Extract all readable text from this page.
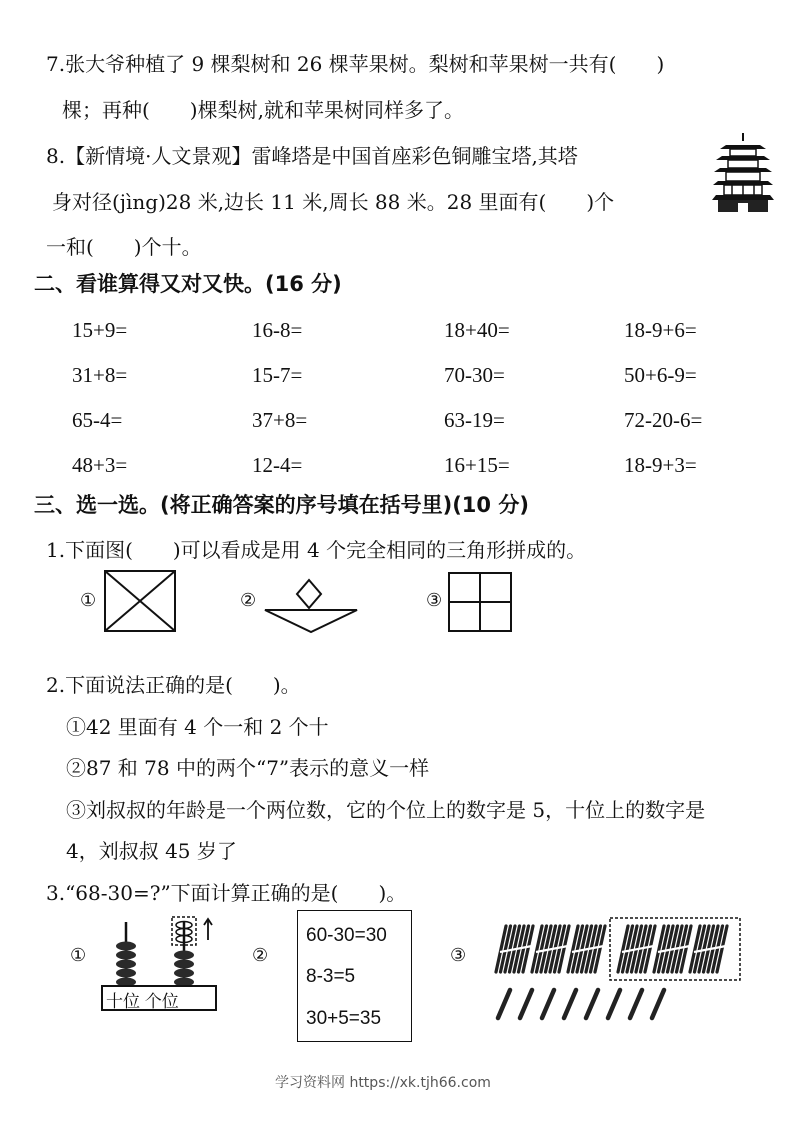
7.张大爷种植了 9 棵梨树和 26 棵苹果树。梨树和苹果树一共有(　　)
棵；再种(　　)棵梨树,就和苹果树同样多了。
8.【新情境·人文景观】雷峰塔是中国首座彩色铜雕宝塔,其塔
身对径(jìng)28 米,边长 11 米,周长 88 米。28 里面有(　　)个
一和(　　)个十。
二、看谁算得又对又快。(16 分)
15+9=	16-8=	18+40=	18-9+6=
31+8=	15-7=	70-30=	50+6-9=
65-4=	37+8=	63-19=	72-20-6=
48+3=	12-4=	16+15=	18-9+3=
三、选一选。(将正确答案的序号填在括号里)(10 分)
1.下面图(　　)可以看成是用 4 个完全相同的三角形拼成的。
①	②	③
2.下面说法正确的是(　　)。
①42 里面有 4 个一和 2 个十
②87 和 78 中的两个“7”表示的意义一样
③刘叔叔的年龄是一个两位数，它的个位上的数字是 5，十位上的数字是
4，刘叔叔 45 岁了
3.“68-30=?”下面计算正确的是(　　)。
①
十位 个位
②
60-30=30
8-3=5
30+5=35
③
学习资料网 https://xk.tjh66.com
